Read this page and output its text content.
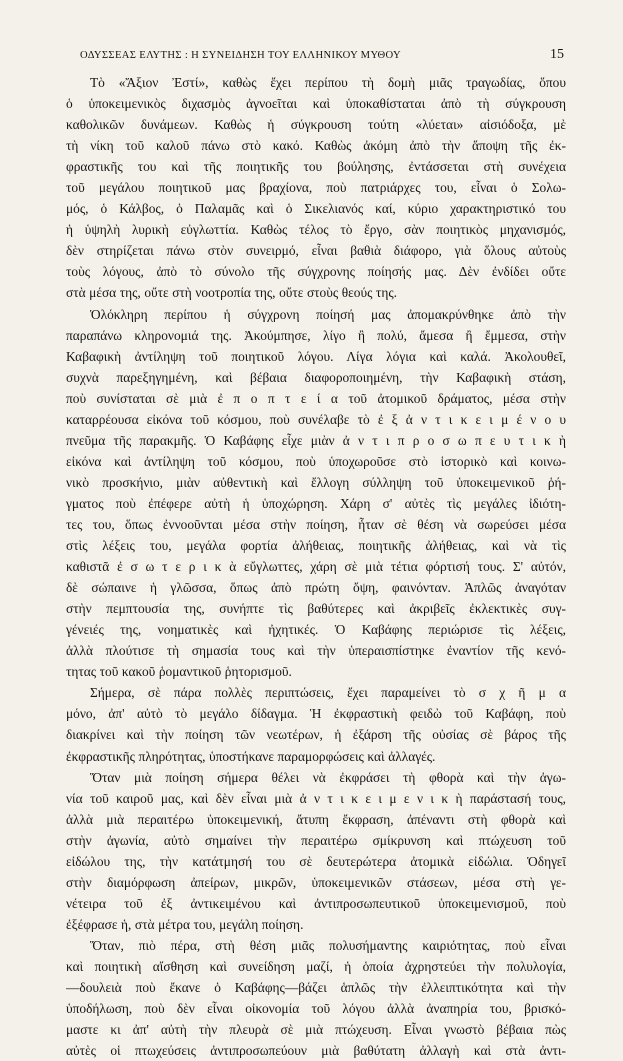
ΟΔΥΣΣΕΑΣ ΕΛΥΤΗΣ : Η ΣΥΝΕΙΔΗΣΗ ΤΟΥ ΕΛΛΗΝΙΚΟΥ ΜΥΘΟΥ	15
Τὸ «Ἄξιον Ἐστί», καθὼς ἔχει περίπου τὴ δομὴ μιᾶς τραγωδίας, ὅπου
ὁ ὑποκειμενικὸς διχασμὸς ἀγνοεῖται καὶ ὑποκαθίσταται ἀπὸ τὴ σύγκρουση
καθολικῶν δυνάμεων. Καθὼς ἡ σύγκρουση τούτη «λύεται» αἰσιόδοξα, μὲ
τὴ νίκη τοῦ καλοῦ πάνω στὸ κακό. Καθὼς ἀκόμη ἀπὸ τὴν ἄποψη τῆς ἐκ-
φραστικῆς του καὶ τῆς ποιητικῆς του βούλησης, ἐντάσσεται στὴ συνέχεια
τοῦ μεγάλου ποιητικοῦ μας βραχίονα, ποὺ πατριάρχες του, εἶναι ὁ Σολω-
μός, ὁ Κάλβος, ὁ Παλαμᾶς καὶ ὁ Σικελιανός καί, κύριο χαρακτηριστικό του
ἡ ὑψηλὴ λυρικὴ εὐγλωττία. Καθὼς τέλος τὸ ἔργο, σὰν ποιητικὸς μηχανισμός,
δὲν στηρίζεται πάνω στὸν συνειρμό, εἶναι βαθιὰ διάφορο, γιὰ ὅλους αὐτοὺς
τοὺς λόγους, ἀπὸ τὸ σύνολο τῆς σύγχρονης ποίησής μας. Δὲν ἐνδίδει οὔτε
στὰ μέσα της, οὔτε στὴ νοοτροπία της, οὔτε στοὺς θεούς της.
Ὁλόκληρη περίπου ἡ σύγχρονη ποίησή μας ἀπομακρύνθηκε ἀπὸ τὴν
παραπάνω κληρονομιά της. Ἀκούμπησε, λίγο ἢ πολύ, ἄμεσα ἢ ἔμμεσα, στὴν
Καβαφικὴ ἀντίληψη τοῦ ποιητικοῦ λόγου. Λίγα λόγια καὶ καλά. Ἀκολουθεῖ,
συχνὰ παρεξηγημένη, καὶ βέβαια διαφοροποιημένη, τὴν Καβαφικὴ στάση,
ποὺ συνίσταται σὲ μιὰ ἐ π ο π τ ε ί α τοῦ ἀτομικοῦ δράματος, μέσα στὴν
καταρρέουσα εἰκόνα τοῦ κόσμου, ποὺ συνέλαβε τὸ ἐ ξ ἀ ν τ ι κ ε ι μ έ ν ο υ
πνεῦμα τῆς παρακμῆς. Ὁ Καβάφης εἶχε μιὰν ἀ ν τ ι π ρ ο σ ω π ε υ τ ι κ ὴ
εἰκόνα καὶ ἀντίληψη τοῦ κόσμου, ποὺ ὑποχωροῦσε στὸ ἱστορικὸ καὶ κοινω-
νικὸ προσκήνιο, μιὰν αὐθεντικὴ καὶ ἔλλογη σύλληψη τοῦ ὑποκειμενικοῦ ῥή-
γματος ποὺ ἐπέφερε αὐτὴ ἡ ὑποχώρηση. Χάρη σ' αὐτὲς τὶς μεγάλες ἰδιότη-
τες του, ὅπως ἐννοοῦνται μέσα στὴν ποίηση, ἦταν σὲ θέση νὰ σωρεύσει μέσα
στὶς λέξεις του, μεγάλα φορτία ἀλήθειας, ποιητικῆς ἀλήθειας, καὶ νὰ τὶς
καθιστᾶ ἐ σ ω τ ε ρ ι κ ὰ εὔγλωττες, χάρη σὲ μιὰ τέτια φόρτισή τους. Σ' αὐτόν,
δὲ σώπαινε ἡ γλῶσσα, ὅπως ἀπὸ πρώτη ὄψη, φαινόνταν. Ἁπλῶς ἀναγόταν
στὴν πεμπτουσία της, συνήπτε τὶς βαθύτερες καὶ ἀκριβεῖς ἐκλεκτικὲς συγ-
γένειές της, νοηματικὲς καὶ ἠχητικές. Ὁ Καβάφης περιώρισε τὶς λέξεις,
ἀλλὰ πλούτισε τὴ σημασία τους καὶ τὴν ὑπεραισπίστηκε ἐναντίον τῆς κενό-
τητας τοῦ κακοῦ ῥομαντικοῦ ῥητορισμοῦ.
Σήμερα, σὲ πάρα πολλὲς περιπτώσεις, ἔχει παραμείνει τὸ σ χ ῆ μ α
μόνο, ἀπ' αὐτὸ τὸ μεγάλο δίδαγμα. Ἡ ἐκφραστικὴ φειδὼ τοῦ Καβάφη, ποὺ
διακρίνει καὶ τὴν ποίηση τῶν νεωτέρων, ἡ ἐξάρση τῆς οὐσίας σὲ βάρος τῆς
ἐκφραστικῆς πληρότητας, ὑποστήκανε παραμορφώσεις καὶ ἀλλαγές.
Ὅταν μιὰ ποίηση σήμερα θέλει νὰ ἐκφράσει τὴ φθορὰ καὶ τὴν ἀγω-
νία τοῦ καιροῦ μας, καὶ δὲν εἶναι μιὰ ἀ ν τ ι κ ε ι μ ε ν ι κ ὴ παράστασή τους,
ἀλλὰ μιὰ περαιτέρω ὑποκειμενική, ἄτυπη ἔκφραση, ἀπέναντι στὴ φθορὰ καὶ
στὴν ἀγωνία, αὐτὸ σημαίνει τὴν περαιτέρω σμίκρυνση καὶ πτώχευση τοῦ
εἰδώλου της, τὴν κατάτμησή του σὲ δευτερώτερα ἀτομικὰ εἰδώλια. Ὁδηγεῖ
στὴν διαμόρφωση ἀπείρων, μικρῶν, ὑποκειμενικῶν στάσεων, μέσα στὴ γε-
νέτειρα τοῦ ἐξ ἀντικειμένου καὶ ἀντιπροσωπευτικοῦ ὑποκειμενισμοῦ, ποὺ
ἐξέφρασε ἡ, στὰ μέτρα του, μεγάλη ποίηση.
Ὅταν, πιὸ πέρα, στὴ θέση μιᾶς πολυσήμαντης καιριότητας, ποὺ εἶναι
καὶ ποιητικὴ αἴσθηση καὶ συνείδηση μαζί, ἡ ὁποία ἀχρηστεύει τὴν πολυλογία,
—δουλειὰ ποὺ ἔκανε ὁ Καβάφης—βάζει ἁπλῶς τὴν ἐλλειπτικότητα καὶ τὴν
ὑποδήλωση, ποὺ δὲν εἶναι οἰκονομία τοῦ λόγου ἀλλὰ ἀναπηρία του, βρισκό-
μαστε κι ἀπ' αὐτὴ τὴν πλευρὰ σὲ μιὰ πτώχευση. Εἶναι γνωστὸ βέβαια πὼς
αὐτὲς οἱ πτωχεύσεις ἀντιπροσωπεύουν μιὰ βαθύτατη ἀλλαγὴ καὶ στὰ ἀντι-
